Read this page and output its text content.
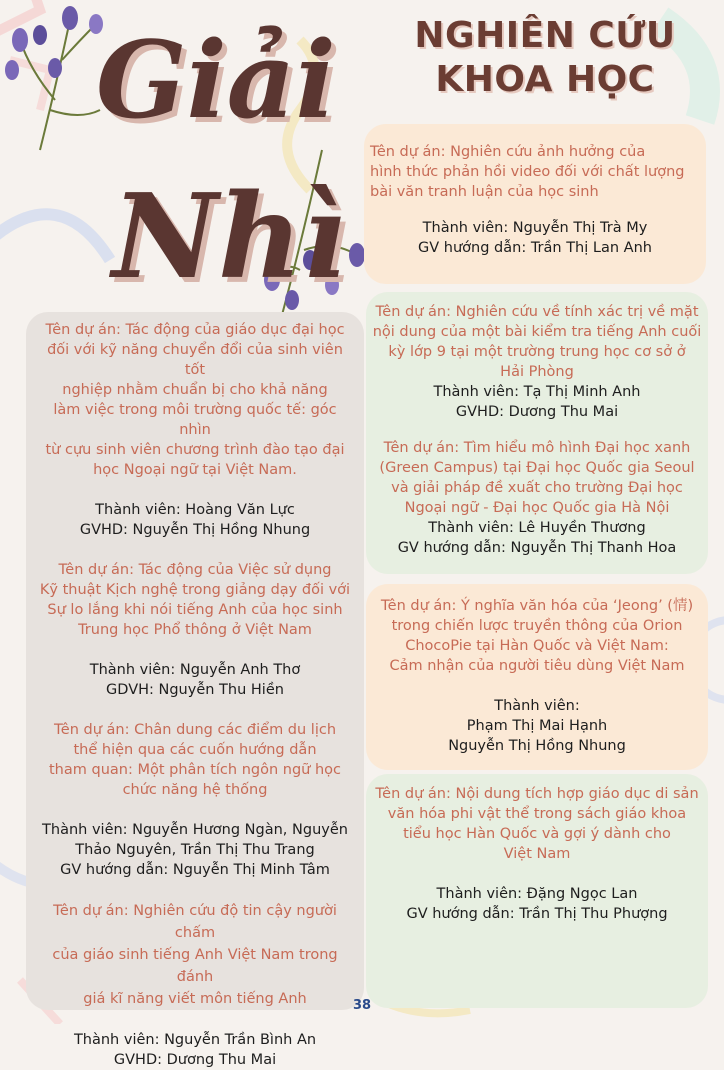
Giải
Nhì
NGHIÊN CỨU
KHOA HỌC
Tên dự án: Tác động của giáo dục đại học
đối với kỹ năng chuyển đổi của sinh viên tốt
nghiệp nhằm chuẩn bị cho khả năng
làm việc trong môi trường quốc tế: góc nhìn
từ cựu sinh viên chương trình đào tạo đại
học Ngoại ngữ tại Việt Nam.
Thành viên: Hoàng Văn Lực
GVHD: Nguyễn Thị Hồng Nhung
Tên dự án: Tác động của Việc sử dụng
Kỹ thuật Kịch nghệ trong giảng dạy đối với
Sự lo lắng khi nói tiếng Anh của học sinh
Trung học Phổ thông ở Việt Nam
Thành viên: Nguyễn Anh Thơ
GDVH: Nguyễn Thu Hiền
Tên dự án: Chân dung các điểm du lịch
thể hiện qua các cuốn hướng dẫn
tham quan: Một phân tích ngôn ngữ học
chức năng hệ thống
Thành viên: Nguyễn Hương Ngàn, Nguyễn
Thảo Nguyên, Trần Thị Thu Trang
GV hướng dẫn: Nguyễn Thị Minh Tâm
Tên dự án: Nghiên cứu độ tin cậy người chấm
của giáo sinh tiếng Anh Việt Nam trong đánh
giá kĩ năng viết môn tiếng Anh
Thành viên: Nguyễn Trần Bình An
GVHD: Dương Thu Mai
Tên dự án: Nghiên cứu ảnh hưởng của
hình thức phản hồi video đối với chất lượng
bài văn tranh luận của học sinh
Thành viên: Nguyễn Thị Trà My
GV hướng dẫn: Trần Thị Lan Anh
Tên dự án: Nghiên cứu về tính xác trị về mặt
nội dung của một bài kiểm tra tiếng Anh cuối
kỳ lớp 9 tại một trường trung học cơ sở ở
Hải Phòng
Thành viên: Tạ Thị Minh Anh
GVHD: Dương Thu Mai
Tên dự án: Tìm hiểu mô hình Đại học xanh
(Green Campus) tại Đại học Quốc gia Seoul
và giải pháp đề xuất cho trường Đại học
Ngoại ngữ - Đại học Quốc gia Hà Nội
Thành viên: Lê Huyền Thương
GV hướng dẫn: Nguyễn Thị Thanh Hoa
Tên dự án: Ý nghĩa văn hóa của ‘Jeong’ (情)
trong chiến lược truyền thông của Orion
ChocoPie tại Hàn Quốc và Việt Nam:
Cảm nhận của người tiêu dùng Việt Nam
Thành viên:
Phạm Thị Mai Hạnh
Nguyễn Thị Hồng Nhung
Tên dự án: Nội dung tích hợp giáo dục di sản
văn hóa phi vật thể trong sách giáo khoa
tiểu học Hàn Quốc và gợi ý dành cho
Việt Nam
Thành viên: Đặng Ngọc Lan
GV hướng dẫn: Trần Thị Thu Phượng
38
